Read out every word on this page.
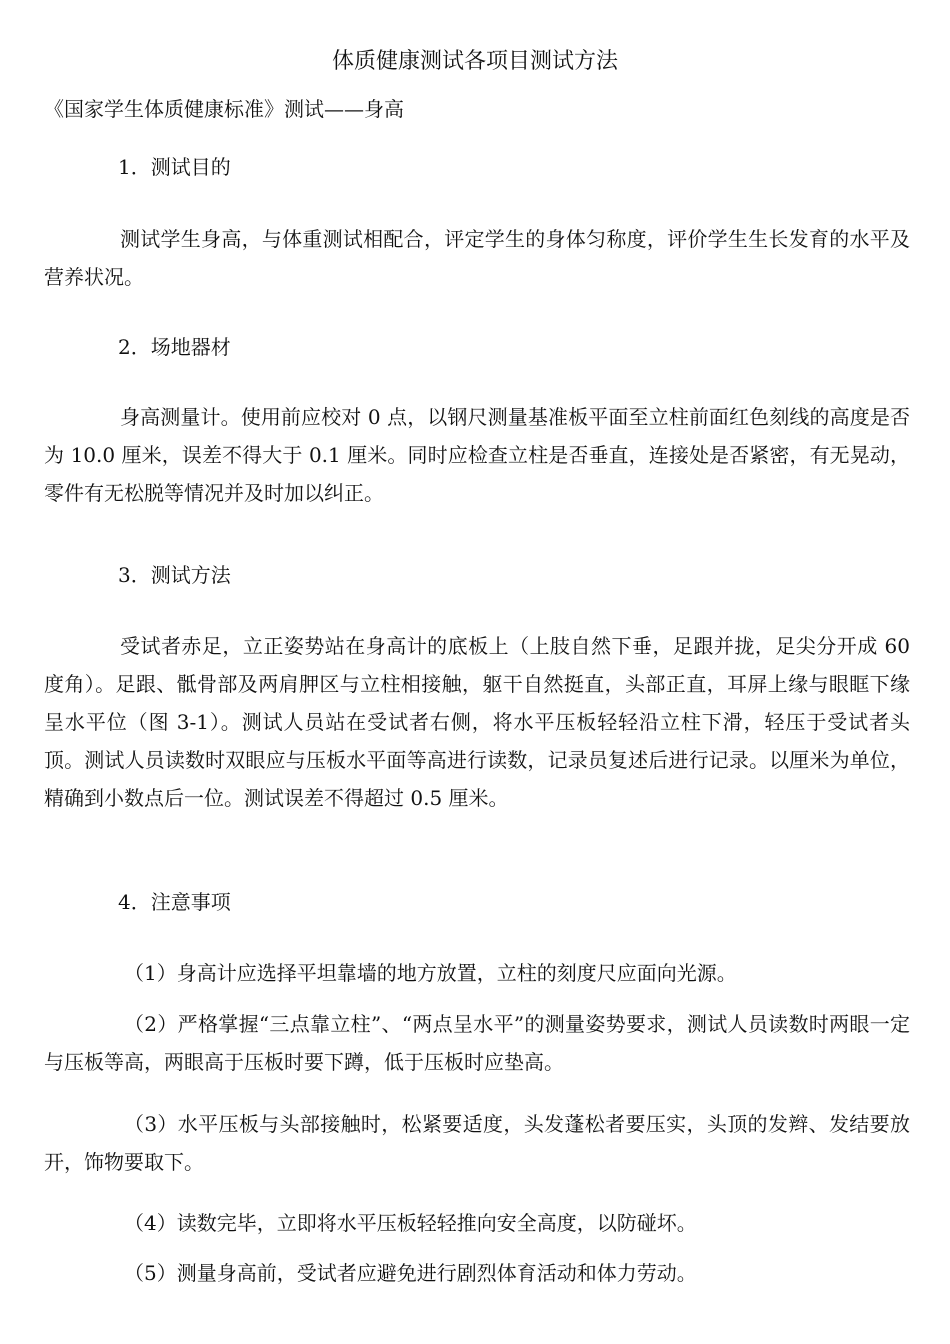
体质健康测试各项目测试方法

《国家学生体质健康标准》测试——身高

1．测试目的

测试学生身高，与体重测试相配合，评定学生的身体匀称度，评价学生生长发育的水平及营养状况。

2．场地器材

身高测量计。使用前应校对 0 点，以钢尺测量基准板平面至立柱前面红色刻线的高度是否为 10.0 厘米，误差不得大于 0.1 厘米。同时应检查立柱是否垂直，连接处是否紧密，有无晃动，零件有无松脱等情况并及时加以纠正。

3．测试方法

受试者赤足，立正姿势站在身高计的底板上（上肢自然下垂，足跟并拢，足尖分开成 60 度角）。足跟、骶骨部及两肩胛区与立柱相接触，躯干自然挺直，头部正直，耳屏上缘与眼眶下缘呈水平位（图 3-1）。测试人员站在受试者右侧，将水平压板轻轻沿立柱下滑，轻压于受试者头顶。测试人员读数时双眼应与压板水平面等高进行读数，记录员复述后进行记录。以厘米为单位，精确到小数点后一位。测试误差不得超过 0.5 厘米。

4．注意事项

（1）身高计应选择平坦靠墙的地方放置，立柱的刻度尺应面向光源。

（2）严格掌握“三点靠立柱”、“两点呈水平”的测量姿势要求，测试人员读数时两眼一定与压板等高，两眼高于压板时要下蹲，低于压板时应垫高。

（3）水平压板与头部接触时，松紧要适度，头发蓬松者要压实，头顶的发辫、发结要放开，饰物要取下。

（4）读数完毕，立即将水平压板轻轻推向安全高度，以防碰坏。

（5）测量身高前，受试者应避免进行剧烈体育活动和体力劳动。
